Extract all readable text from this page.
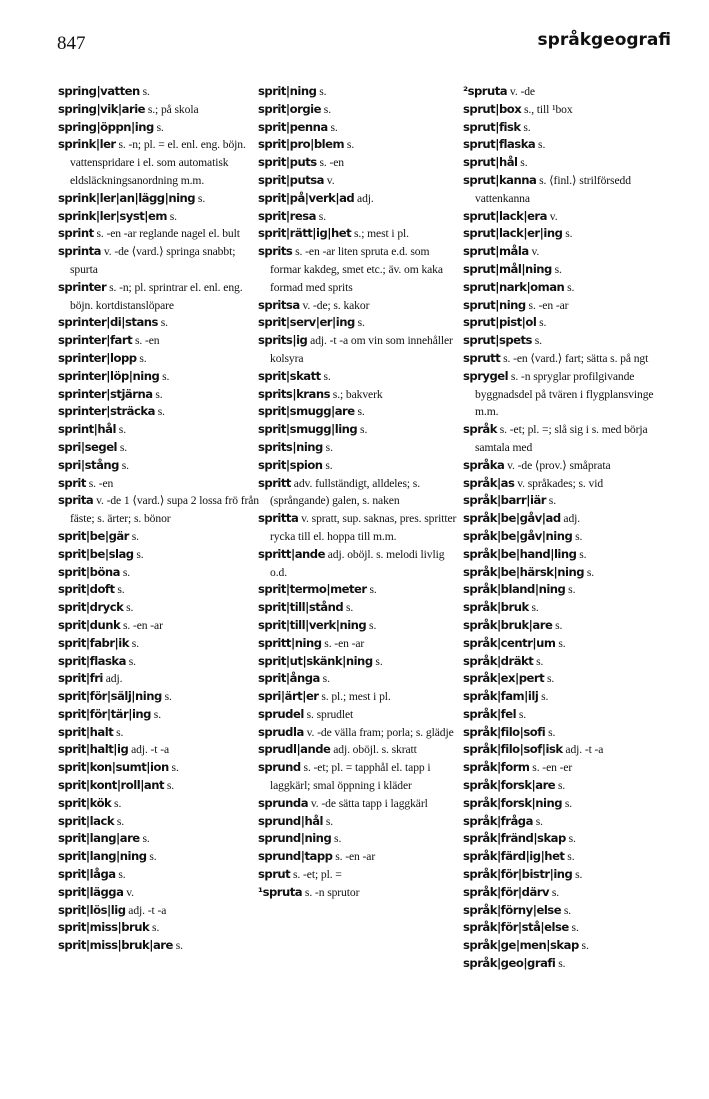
847	språkgeografi
spring|vatten s.
spring|vik|arie s.; på skola
spring|öppn|ing s.
sprink|ler s. -n; pl. = el. enl. eng. böjn. vattenspridare i el. som automatisk eldsläckningsanordning m.m.
sprink|ler|an|lägg|ning s.
sprink|ler|syst|em s.
sprint s. -en -ar reglande nagel el. bult
sprinta v. -de ⟨vard.⟩ springa snabbt; spurta
sprinter s. -n; pl. sprintrar el. enl. eng. böjn. kortdistanslöpare
sprinter|di|stans s.
sprinter|fart s. -en
sprinter|lopp s.
sprinter|löp|ning s.
sprinter|stjärna s.
sprinter|sträcka s.
sprint|hål s.
spri|segel s.
spri|stång s.
sprit s. -en
sprita v. -de 1 ⟨vard.⟩ supa 2 lossa frö från fäste; s. ärter; s. bönor
sprit|be|gär s.
sprit|be|slag s.
sprit|böna s.
sprit|doft s.
sprit|dryck s.
sprit|dunk s. -en -ar
sprit|fabr|ik s.
sprit|flaska s.
sprit|fri adj.
sprit|för|sälj|ning s.
sprit|för|tär|ing s.
sprit|halt s.
sprit|halt|ig adj. -t -a
sprit|kon|sumt|ion s.
sprit|kont|roll|ant s.
sprit|kök s.
sprit|lack s.
sprit|lang|are s.
sprit|lang|ning s.
sprit|låga s.
sprit|lägga v.
sprit|lös|lig adj. -t -a
sprit|miss|bruk s.
sprit|miss|bruk|are s.
sprit|ning s.
sprit|orgie s.
sprit|penna s.
sprit|pro|blem s.
sprit|puts s. -en
sprit|putsa v.
sprit|på|verk|ad adj.
sprit|resa s.
sprit|rätt|ig|het s.; mest i pl.
sprits s. -en -ar liten spruta e.d. som formar kakdeg, smet etc.; äv. om kaka formad med sprits
spritsa v. -de; s. kakor
sprit|serv|er|ing s.
sprits|ig adj. -t -a om vin som innehåller kolsyra
sprit|skatt s.
sprits|krans s.; bakverk
sprit|smugg|are s.
sprit|smugg|ling s.
sprits|ning s.
sprit|spion s.
spritt adv. fullständigt, alldeles; s. (språngande) galen, s. naken
spritta v. spratt, sup. saknas, pres. spritter rycka till el. hoppa till m.m.
spritt|ande adj. oböjl. s. melodi livlig o.d.
sprit|termo|meter s.
sprit|till|stånd s.
sprit|till|verk|ning s.
spritt|ning s. -en -ar
sprit|ut|skänk|ning s.
sprit|ånga s.
spri|ärt|er s. pl.; mest i pl.
sprudel s. sprudlet
sprudla v. -de välla fram; porla; s. glädje
sprudl|ande adj. oböjl. s. skratt
sprund s. -et; pl. = tapphål el. tapp i laggkärl; smal öppning i kläder
sprunda v. -de sätta tapp i laggkärl
sprund|hål s.
sprund|ning s.
sprund|tapp s. -en -ar
sprut s. -et; pl. =
¹spruta s. -n sprutor
²spruta v. -de
sprut|box s., till ¹box
sprut|fisk s.
sprut|flaska s.
sprut|hål s.
sprut|kanna s. ⟨finl.⟩ strilförsedd vattenkanna
sprut|lack|era v.
sprut|lack|er|ing s.
sprut|måla v.
sprut|mål|ning s.
sprut|nark|oman s.
sprut|ning s. -en -ar
sprut|pist|ol s.
sprut|spets s.
sprutt s. -en ⟨vard.⟩ fart; sätta s. på ngt
sprygel s. -n spryglar profilgivande byggnadsdel på tvären i flygplansvinge m.m.
språk s. -et; pl. =; slå sig i s. med börja samtala med
språka v. -de ⟨prov.⟩ småprata
språk|as v. språkades; s. vid
språk|barr|iär s.
språk|be|gåv|ad adj.
språk|be|gåv|ning s.
språk|be|hand|ling s.
språk|be|härsk|ning s.
språk|bland|ning s.
språk|bruk s.
språk|bruk|are s.
språk|centr|um s.
språk|dräkt s.
språk|ex|pert s.
språk|fam|ilj s.
språk|fel s.
språk|filo|sofi s.
språk|filo|sof|isk adj. -t -a
språk|form s. -en -er
språk|forsk|are s.
språk|forsk|ning s.
språk|fråga s.
språk|fränd|skap s.
språk|färd|ig|het s.
språk|för|bistr|ing s.
språk|för|därv s.
språk|förny|else s.
språk|för|stå|else s.
språk|ge|men|skap s.
språk|geo|grafi s.
